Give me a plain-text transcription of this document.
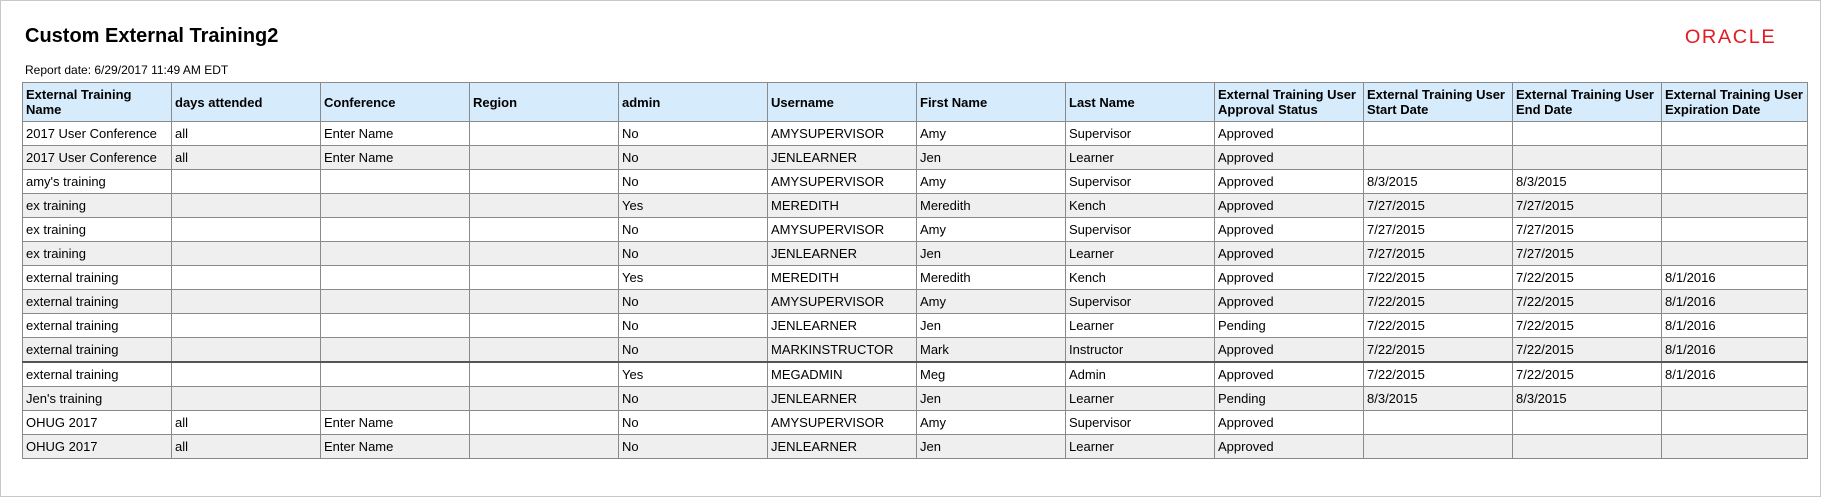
Custom External Training2
Report date: 6/29/2017 11:49 AM EDT
ORACLE
External Training Name	days attended	Conference	Region	admin	Username	First Name	Last Name	External Training User Approval Status	External Training User Start Date	External Training User End Date	External Training User Expiration Date
2017 User Conference	all	Enter Name		No	AMYSUPERVISOR	Amy	Supervisor	Approved			
2017 User Conference	all	Enter Name		No	JENLEARNER	Jen	Learner	Approved			
amy's training				No	AMYSUPERVISOR	Amy	Supervisor	Approved	8/3/2015	8/3/2015	
ex training				Yes	MEREDITH	Meredith	Kench	Approved	7/27/2015	7/27/2015	
ex training				No	AMYSUPERVISOR	Amy	Supervisor	Approved	7/27/2015	7/27/2015	
ex training				No	JENLEARNER	Jen	Learner	Approved	7/27/2015	7/27/2015	
external training				Yes	MEREDITH	Meredith	Kench	Approved	7/22/2015	7/22/2015	8/1/2016
external training				No	AMYSUPERVISOR	Amy	Supervisor	Approved	7/22/2015	7/22/2015	8/1/2016
external training				No	JENLEARNER	Jen	Learner	Pending	7/22/2015	7/22/2015	8/1/2016
external training				No	MARKINSTRUCTOR	Mark	Instructor	Approved	7/22/2015	7/22/2015	8/1/2016
external training				Yes	MEGADMIN	Meg	Admin	Approved	7/22/2015	7/22/2015	8/1/2016
Jen's training				No	JENLEARNER	Jen	Learner	Pending	8/3/2015	8/3/2015	
OHUG 2017	all	Enter Name		No	AMYSUPERVISOR	Amy	Supervisor	Approved			
OHUG 2017	all	Enter Name		No	JENLEARNER	Jen	Learner	Approved			
